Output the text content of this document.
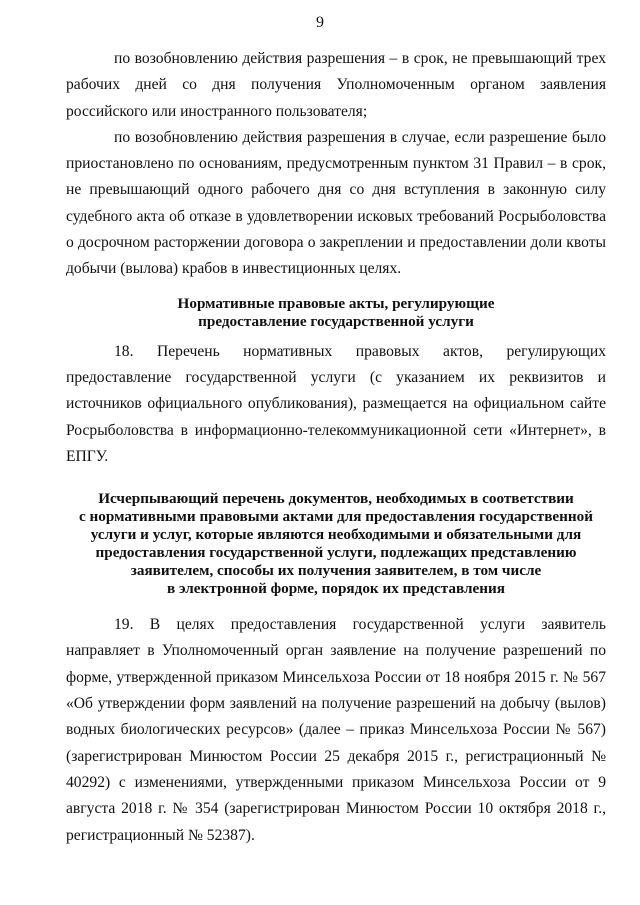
9

по возобновлению действия разрешения – в срок, не превышающий трех рабочих дней со дня получения Уполномоченным органом заявления российского или иностранного пользователя;

по возобновлению действия разрешения в случае, если разрешение было приостановлено по основаниям, предусмотренным пунктом 31 Правил – в срок, не превышающий одного рабочего дня со дня вступления в законную силу судебного акта об отказе в удовлетворении исковых требований Росрыболовства о досрочном расторжении договора о закреплении и предоставлении доли квоты добычи (вылова) крабов в инвестиционных целях.

Нормативные правовые акты, регулирующие
предоставление государственной услуги

18. Перечень нормативных правовых актов, регулирующих предоставление государственной услуги (с указанием их реквизитов и источников официального опубликования), размещается на официальном сайте Росрыболовства в информационно-телекоммуникационной сети «Интернет», в ЕПГУ.

Исчерпывающий перечень документов, необходимых в соответствии
с нормативными правовыми актами для предоставления государственной
услуги и услуг, которые являются необходимыми и обязательными для
предоставления государственной услуги, подлежащих представлению
заявителем, способы их получения заявителем, в том числе
в электронной форме, порядок их представления

19. В целях предоставления государственной услуги заявитель направляет в Уполномоченный орган заявление на получение разрешений по форме, утвержденной приказом Минсельхоза России от 18 ноября 2015 г. № 567 «Об утверждении форм заявлений на получение разрешений на добычу (вылов) водных биологических ресурсов» (далее – приказ Минсельхоза России № 567) (зарегистрирован Минюстом России 25 декабря 2015 г., регистрационный № 40292) с изменениями, утвержденными приказом Минсельхоза России от 9 августа 2018 г. № 354 (зарегистрирован Минюстом России 10 октября 2018 г., регистрационный № 52387).
